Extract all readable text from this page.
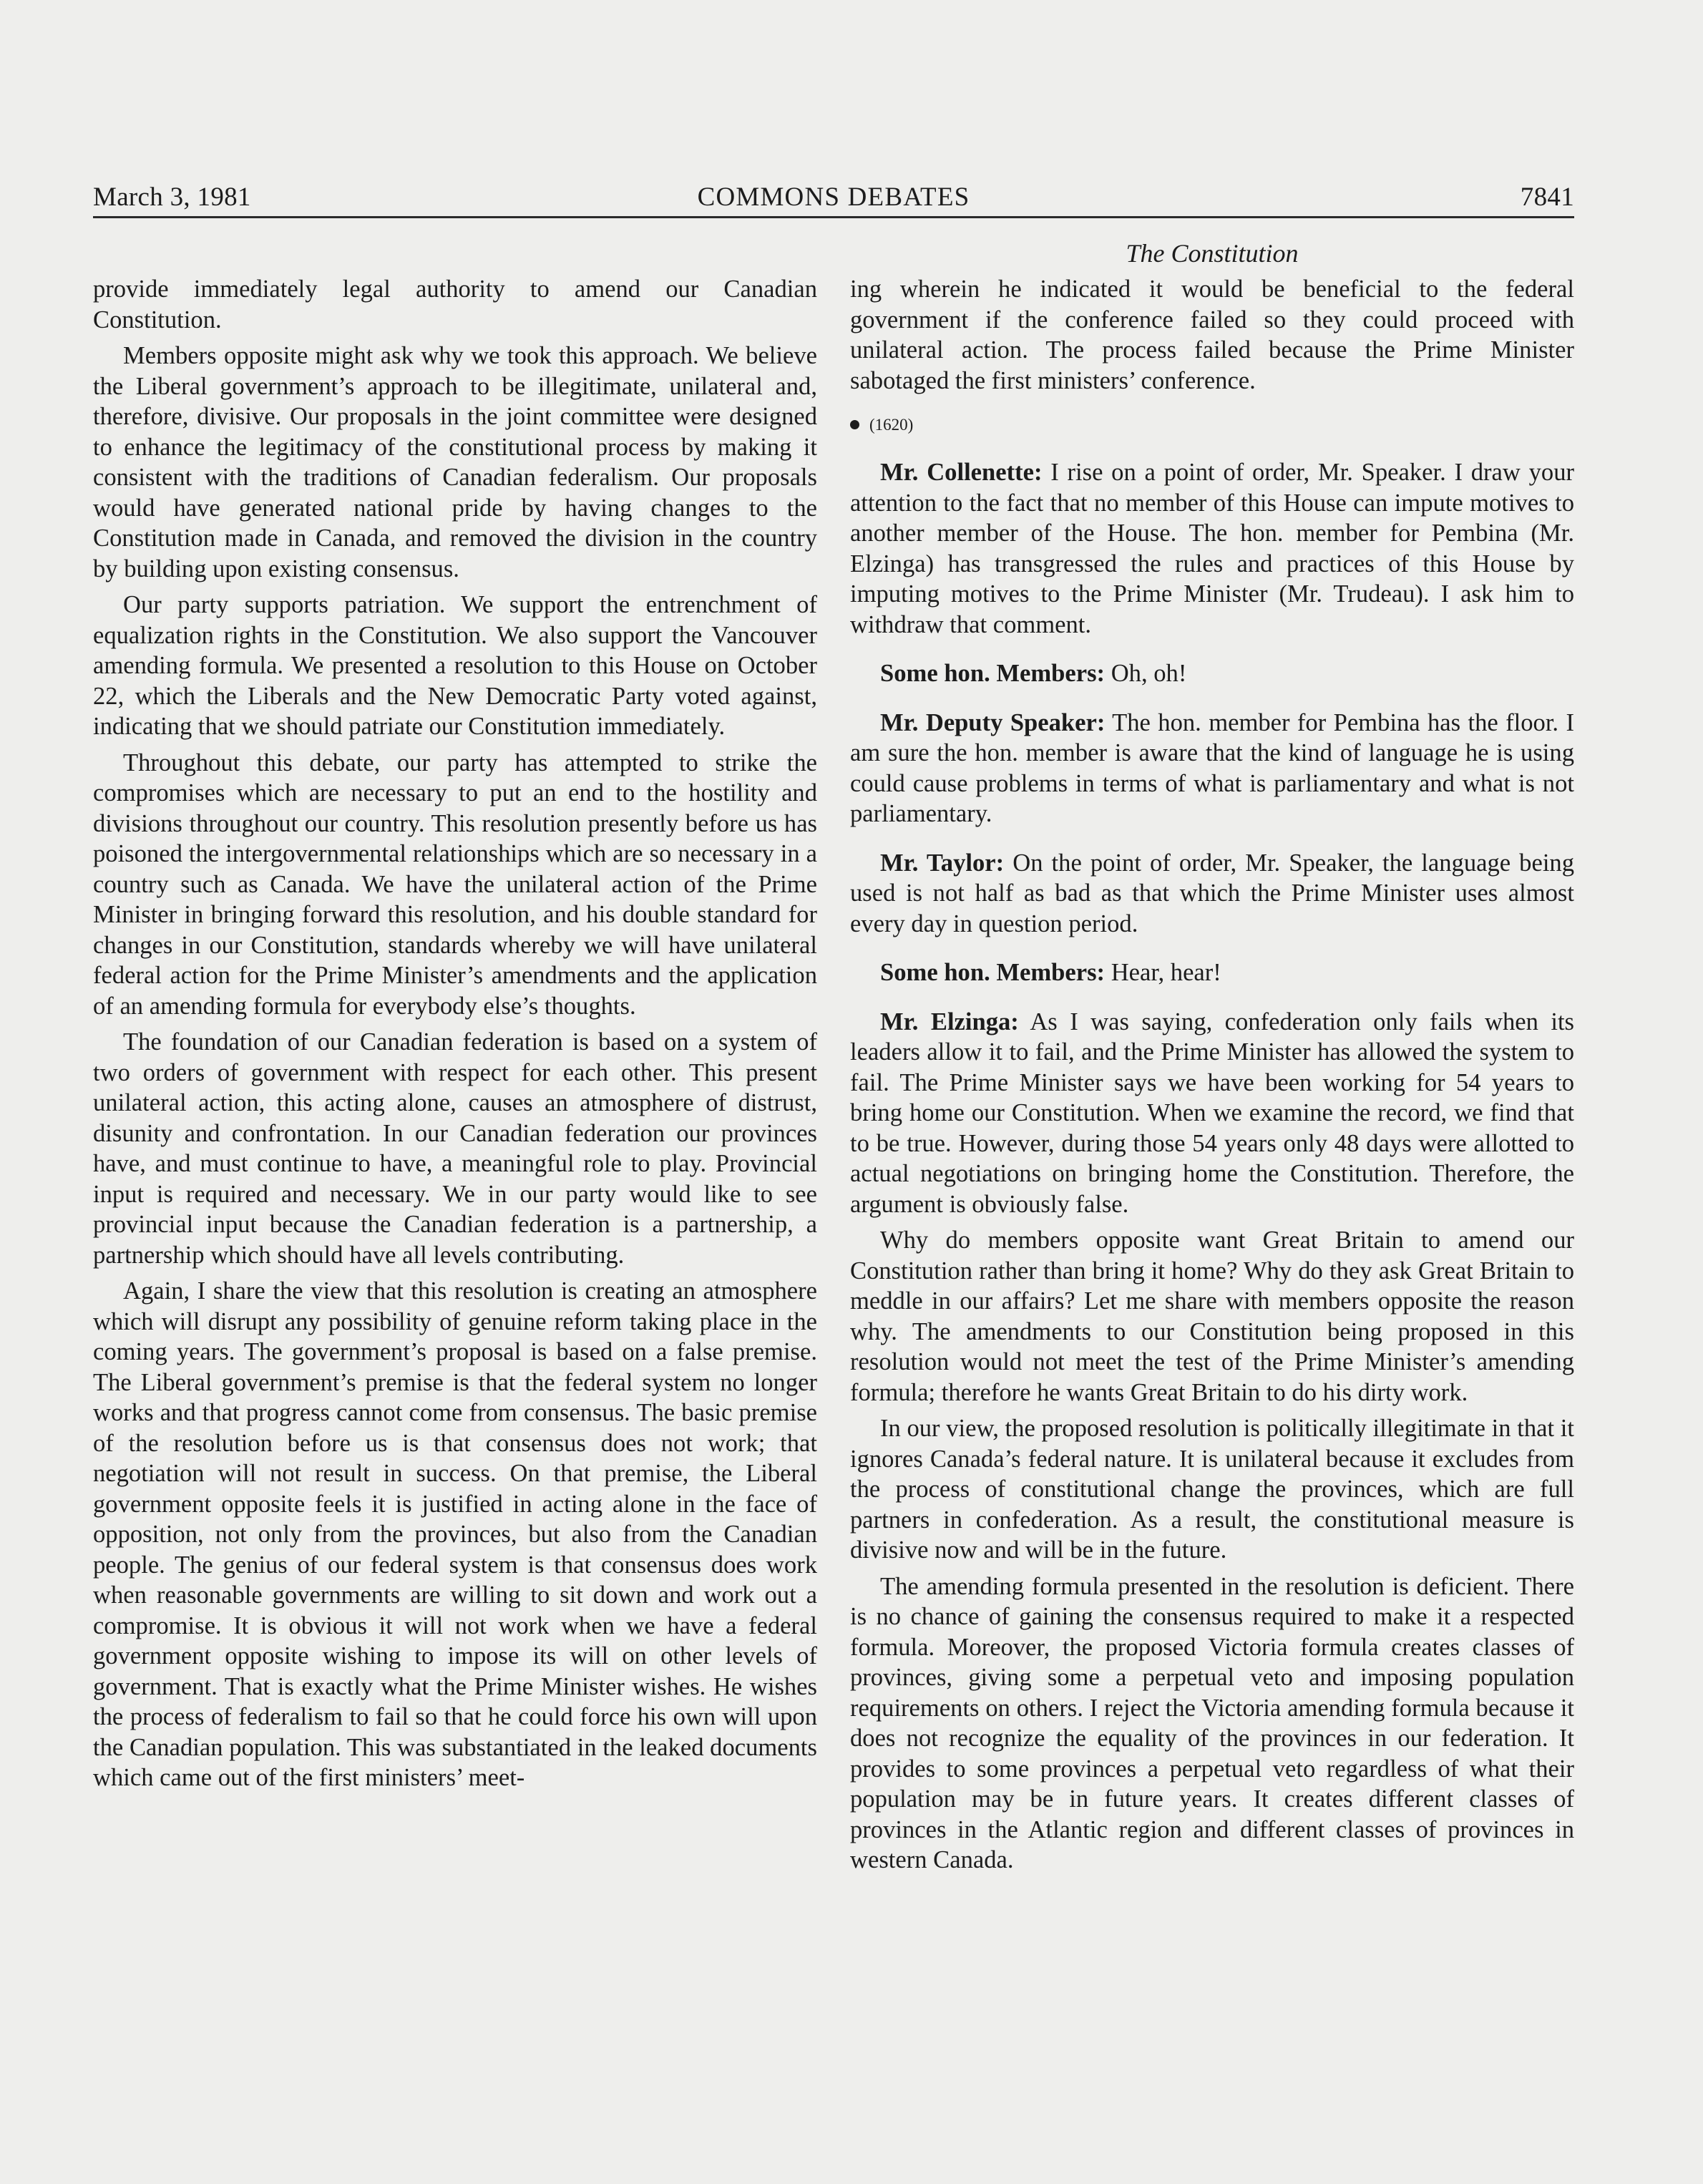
March 3, 1981	COMMONS DEBATES	7841
The Constitution

provide immediately legal authority to amend our Canadian Constitution.

Members opposite might ask why we took this approach. We believe the Liberal government’s approach to be illegitimate, unilateral and, therefore, divisive. Our proposals in the joint committee were designed to enhance the legitimacy of the constitutional process by making it consistent with the traditions of Canadian federalism. Our proposals would have generated national pride by having changes to the Constitution made in Canada, and removed the division in the country by building upon existing consensus.

Our party supports patriation. We support the entrenchment of equalization rights in the Constitution. We also support the Vancouver amending formula. We presented a resolution to this House on October 22, which the Liberals and the New Democratic Party voted against, indicating that we should patriate our Constitution immediately.

Throughout this debate, our party has attempted to strike the compromises which are necessary to put an end to the hostility and divisions throughout our country. This resolution presently before us has poisoned the intergovernmental relationships which are so necessary in a country such as Canada. We have the unilateral action of the Prime Minister in bringing forward this resolution, and his double standard for changes in our Constitution, standards whereby we will have unilateral federal action for the Prime Minister’s amendments and the application of an amending formula for everybody else’s thoughts.

The foundation of our Canadian federation is based on a system of two orders of government with respect for each other. This present unilateral action, this acting alone, causes an atmosphere of distrust, disunity and confrontation. In our Canadian federation our provinces have, and must continue to have, a meaningful role to play. Provincial input is required and necessary. We in our party would like to see provincial input because the Canadian federation is a partnership, a partnership which should have all levels contributing.

Again, I share the view that this resolution is creating an atmosphere which will disrupt any possibility of genuine reform taking place in the coming years. The government’s proposal is based on a false premise. The Liberal government’s premise is that the federal system no longer works and that progress cannot come from consensus. The basic premise of the resolution before us is that consensus does not work; that negotiation will not result in success. On that premise, the Liberal government opposite feels it is justified in acting alone in the face of opposition, not only from the provinces, but also from the Canadian people. The genius of our federal system is that consensus does work when reasonable governments are willing to sit down and work out a compromise. It is obvious it will not work when we have a federal government opposite wishing to impose its will on other levels of government. That is exactly what the Prime Minister wishes. He wishes the process of federalism to fail so that he could force his own will upon the Canadian population. This was substantiated in the leaked documents which came out of the first ministers’ meet-

ing wherein he indicated it would be beneficial to the federal government if the conference failed so they could proceed with unilateral action. The process failed because the Prime Minister sabotaged the first ministers’ conference.

(1620)

Mr. Collenette: I rise on a point of order, Mr. Speaker. I draw your attention to the fact that no member of this House can impute motives to another member of the House. The hon. member for Pembina (Mr. Elzinga) has transgressed the rules and practices of this House by imputing motives to the Prime Minister (Mr. Trudeau). I ask him to withdraw that comment.

Some hon. Members: Oh, oh!

Mr. Deputy Speaker: The hon. member for Pembina has the floor. I am sure the hon. member is aware that the kind of language he is using could cause problems in terms of what is parliamentary and what is not parliamentary.

Mr. Taylor: On the point of order, Mr. Speaker, the language being used is not half as bad as that which the Prime Minister uses almost every day in question period.

Some hon. Members: Hear, hear!

Mr. Elzinga: As I was saying, confederation only fails when its leaders allow it to fail, and the Prime Minister has allowed the system to fail. The Prime Minister says we have been working for 54 years to bring home our Constitution. When we examine the record, we find that to be true. However, during those 54 years only 48 days were allotted to actual negotiations on bringing home the Constitution. Therefore, the argument is obviously false.

Why do members opposite want Great Britain to amend our Constitution rather than bring it home? Why do they ask Great Britain to meddle in our affairs? Let me share with members opposite the reason why. The amendments to our Constitution being proposed in this resolution would not meet the test of the Prime Minister’s amending formula; therefore he wants Great Britain to do his dirty work.

In our view, the proposed resolution is politically illegitimate in that it ignores Canada’s federal nature. It is unilateral because it excludes from the process of constitutional change the provinces, which are full partners in confederation. As a result, the constitutional measure is divisive now and will be in the future.

The amending formula presented in the resolution is deficient. There is no chance of gaining the consensus required to make it a respected formula. Moreover, the proposed Victoria formula creates classes of provinces, giving some a perpetual veto and imposing population requirements on others. I reject the Victoria amending formula because it does not recognize the equality of the provinces in our federation. It provides to some provinces a perpetual veto regardless of what their population may be in future years. It creates different classes of provinces in the Atlantic region and different classes of provinces in western Canada.
